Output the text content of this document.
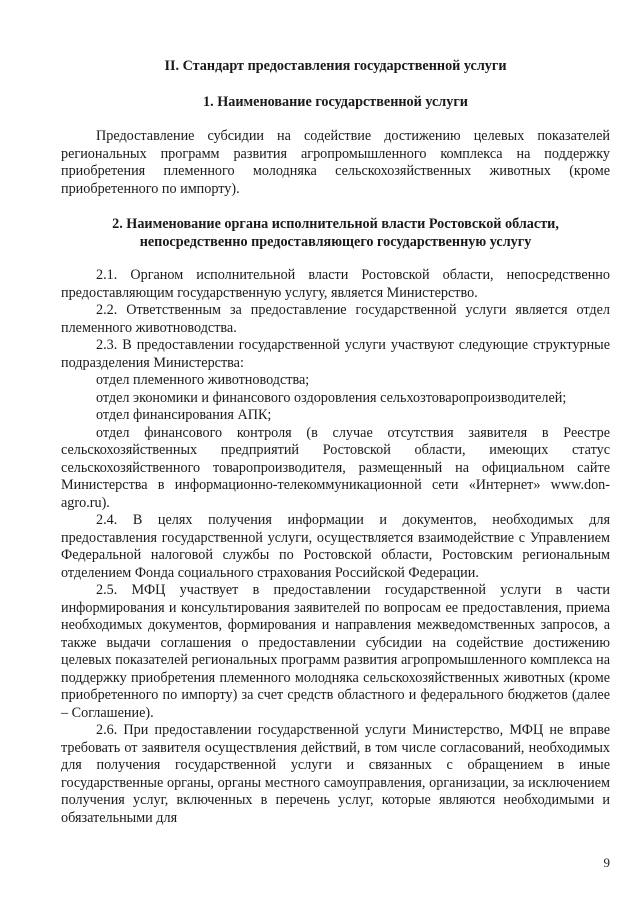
II. Стандарт предоставления государственной услуги

1. Наименование государственной услуги

Предоставление субсидии на содействие достижению целевых показателей региональных программ развития агропромышленного комплекса на поддержку приобретения племенного молодняка сельскохозяйственных животных (кроме приобретенного по импорту).

2. Наименование органа исполнительной власти Ростовской области,

непосредственно предоставляющего государственную услугу

2.1. Органом исполнительной власти Ростовской области, непосредственно предоставляющим государственную услугу, является Министерство.

2.2. Ответственным за предоставление государственной услуги является отдел племенного животноводства.

2.3. В предоставлении государственной услуги участвуют следующие структурные подразделения Министерства:

отдел племенного животноводства;

отдел экономики и финансового оздоровления сельхозтоваропроизводителей;

отдел финансирования АПК;

отдел финансового контроля (в случае отсутствия заявителя в Реестре сельскохозяйственных предприятий Ростовской области, имеющих статус сельскохозяйственного товаропроизводителя, размещенный на официальном сайте Министерства в информационно-телекоммуникационной сети «Интернет» www.don-agro.ru).

2.4. В целях получения информации и документов, необходимых для предоставления государственной услуги, осуществляется взаимодействие с Управлением Федеральной налоговой службы по Ростовской области, Ростовским региональным отделением Фонда социального страхования Российской Федерации.

2.5. МФЦ участвует в предоставлении государственной услуги в части информирования и консультирования заявителей по вопросам ее предоставления, приема необходимых документов, формирования и направления межведомственных запросов, а также выдачи соглашения о предоставлении субсидии на содействие достижению целевых показателей региональных программ развития агропромышленного комплекса на поддержку приобретения племенного молодняка сельскохозяйственных животных (кроме приобретенного по импорту) за счет средств областного и федерального бюджетов (далее – Соглашение).

2.6. При предоставлении государственной услуги Министерство, МФЦ не вправе требовать от заявителя осуществления действий, в том числе согласований, необходимых для получения государственной услуги и связанных с обращением в иные государственные органы, органы местного самоуправления, организации, за исключением получения услуг, включенных в перечень услуг, которые являются необходимыми и обязательными для

9
